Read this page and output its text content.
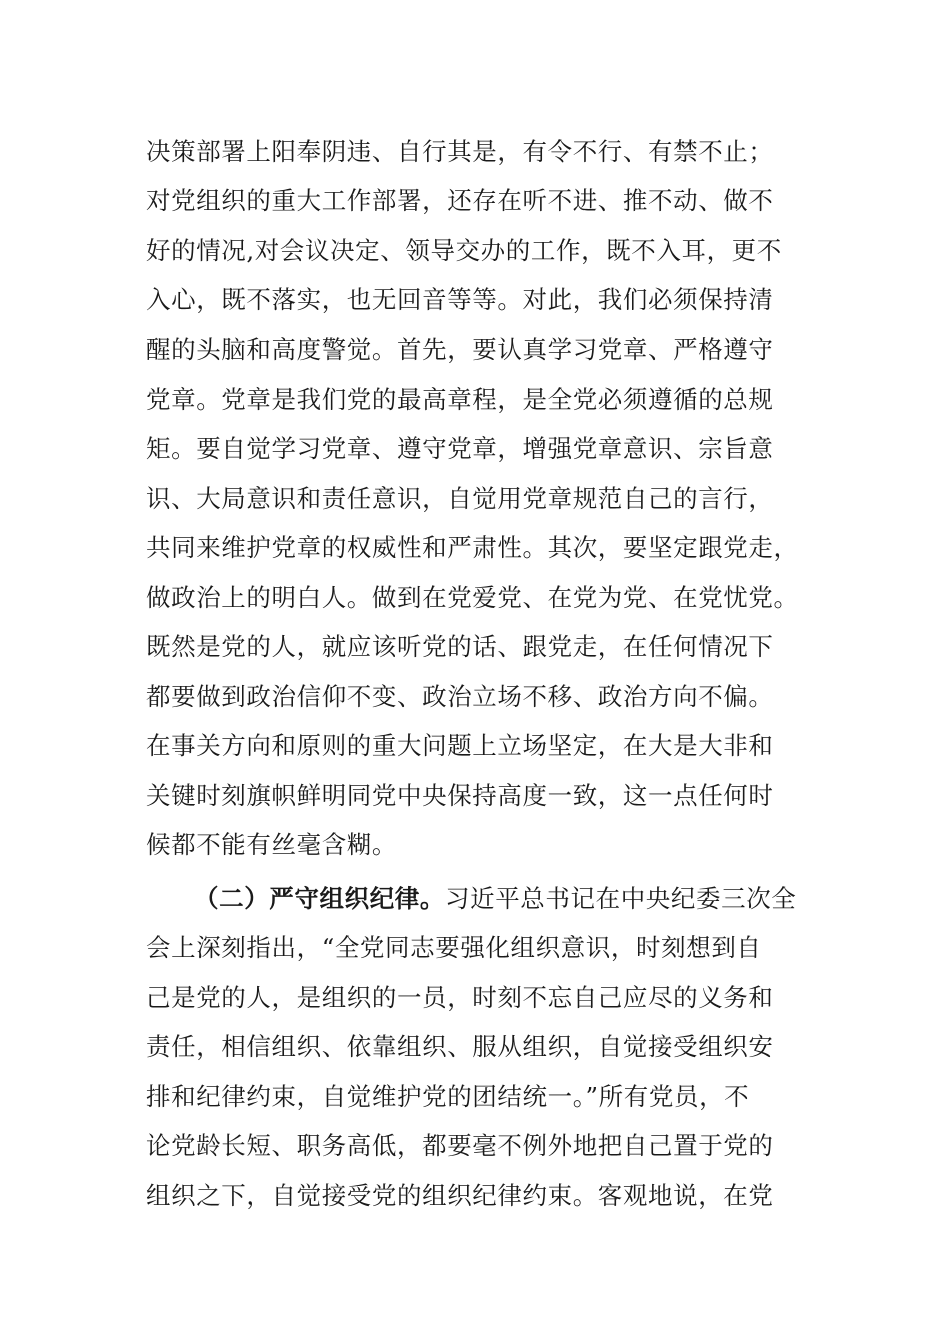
决策部署上阳奉阴违、自行其是，有令不行、有禁不止；
对党组织的重大工作部署，还存在听不进、推不动、做不
好的情况,对会议决定、领导交办的工作，既不入耳，更不
入心，既不落实，也无回音等等。对此，我们必须保持清
醒的头脑和高度警觉。首先，要认真学习党章、严格遵守
党章。党章是我们党的最高章程，是全党必须遵循的总规
矩。要自觉学习党章、遵守党章，增强党章意识、宗旨意
识、大局意识和责任意识，自觉用党章规范自己的言行，
共同来维护党章的权威性和严肃性。其次，要坚定跟党走，
做政治上的明白人。做到在党爱党、在党为党、在党忧党。
既然是党的人，就应该听党的话、跟党走，在任何情况下
都要做到政治信仰不变、政治立场不移、政治方向不偏。
在事关方向和原则的重大问题上立场坚定，在大是大非和
关键时刻旗帜鲜明同党中央保持高度一致，这一点任何时
候都不能有丝毫含糊。
（二）严守组织纪律。习近平总书记在中央纪委三次全
会上深刻指出，“全党同志要强化组织意识，时刻想到自
己是党的人，是组织的一员，时刻不忘自己应尽的义务和
责任，相信组织、依靠组织、服从组织，自觉接受组织安
排和纪律约束，自觉维护党的团结统一。”所有党员，不
论党龄长短、职务高低，都要毫不例外地把自己置于党的
组织之下，自觉接受党的组织纪律约束。客观地说，在党
